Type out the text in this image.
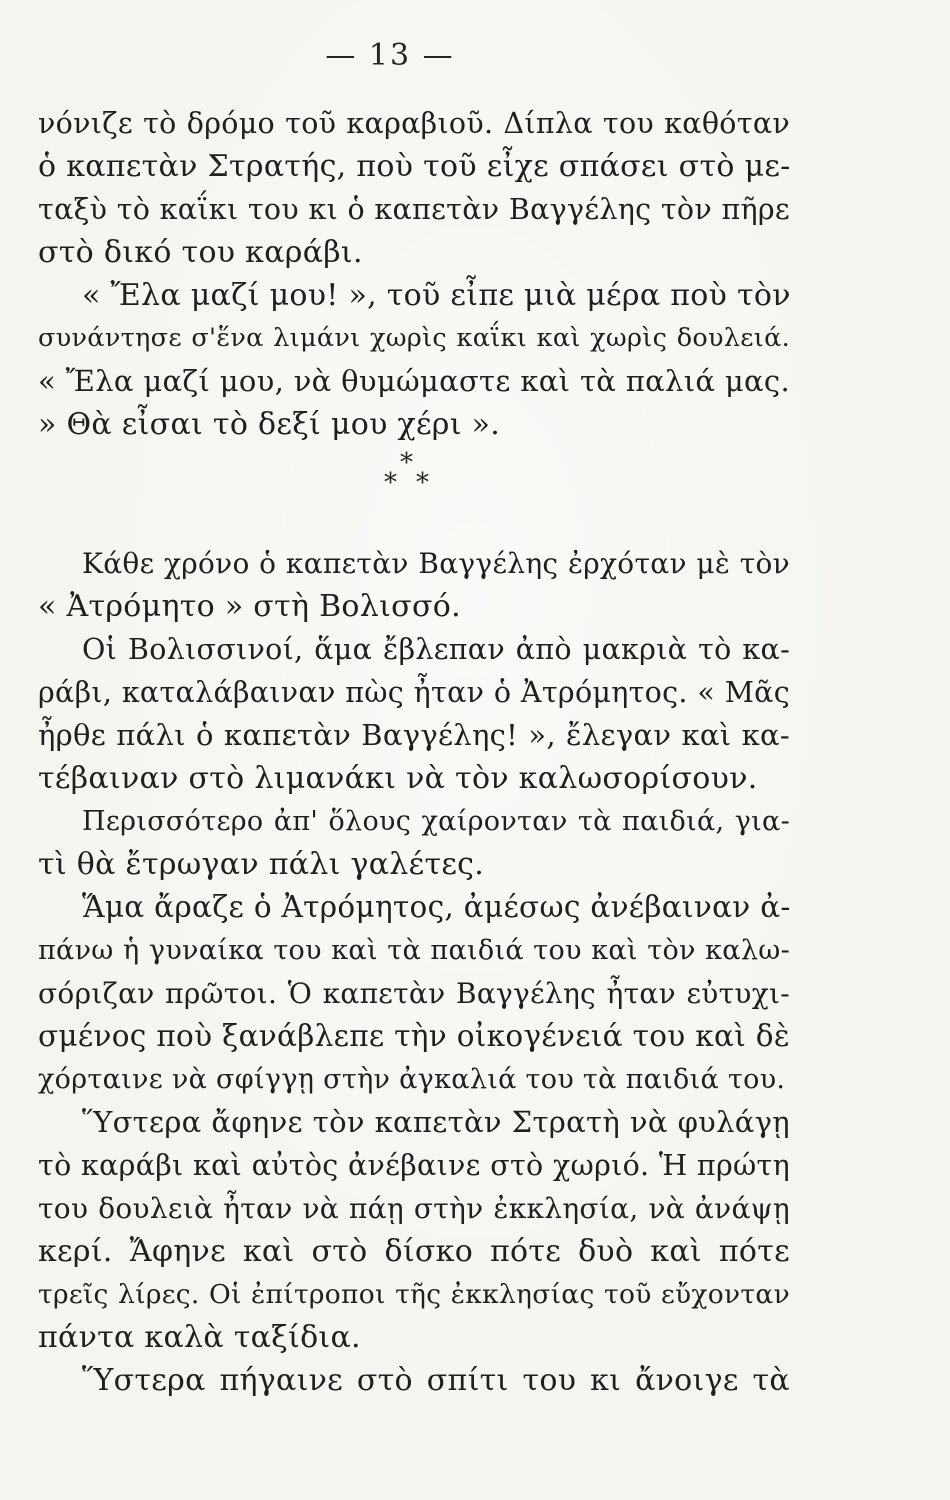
— 13 —
νόνιζε τὸ δρόμο τοῦ καραβιοῦ. Δίπλα του καθόταν
ὁ καπετὰν Στρατής, ποὺ τοῦ εἶχε σπάσει στὸ με-
ταξὺ τὸ καΐκι του κι ὁ καπετὰν Βαγγέλης τὸν πῆρε
στὸ δικό του καράβι.
« Ἔλα μαζί μου! », τοῦ εἶπε μιὰ μέρα ποὺ τὸν
συνάντησε σ'ἕνα λιμάνι χωρὶς καΐκι καὶ χωρὶς δουλειά.
« Ἔλα μαζί μου, νὰ θυμώμαστε καὶ τὰ παλιά μας.
» Θὰ εἶσαι τὸ δεξί μου χέρι ».
*
* *
Κάθε χρόνο ὁ καπετὰν Βαγγέλης ἐρχόταν μὲ τὸν
« Ἀτρόμητο » στὴ Βολισσό.
Οἱ Βολισσινοί, ἅμα ἔβλεπαν ἀπὸ μακριὰ τὸ κα-
ράβι, καταλάβαιναν πὼς ἦταν ὁ Ἀτρόμητος. « Μᾶς
ἦρθε πάλι ὁ καπετὰν Βαγγέλης! », ἔλεγαν καὶ κα-
τέβαιναν στὸ λιμανάκι νὰ τὸν καλωσορίσουν.
Περισσότερο ἀπ' ὅλους χαίρονταν τὰ παιδιά, για-
τὶ θὰ ἔτρωγαν πάλι γαλέτες.
Ἅμα ἄραζε ὁ Ἀτρόμητος, ἀμέσως ἀνέβαιναν ἀ-
πάνω ἡ γυναίκα του καὶ τὰ παιδιά του καὶ τὸν καλω-
σόριζαν πρῶτοι. Ὁ καπετὰν Βαγγέλης ἦταν εὐτυχι-
σμένος ποὺ ξανάβλεπε τὴν οἰκογένειά του καὶ δὲ
χόρταινε νὰ σφίγγῃ στὴν ἀγκαλιά του τὰ παιδιά του.
Ὕστερα ἄφηνε τὸν καπετὰν Στρατὴ νὰ φυλάγῃ
τὸ καράβι καὶ αὐτὸς ἀνέβαινε στὸ χωριό. Ἡ πρώτη
του δουλειὰ ἦταν νὰ πάῃ στὴν ἐκκλησία, νὰ ἀνάψῃ
κερί. Ἄφηνε καὶ στὸ δίσκο πότε δυὸ καὶ πότε
τρεῖς λίρες. Οἱ ἐπίτροποι τῆς ἐκκλησίας τοῦ εὔχονταν
πάντα καλὰ ταξίδια.
Ὕστερα πήγαινε στὸ σπίτι του κι ἄνοιγε τὰ
